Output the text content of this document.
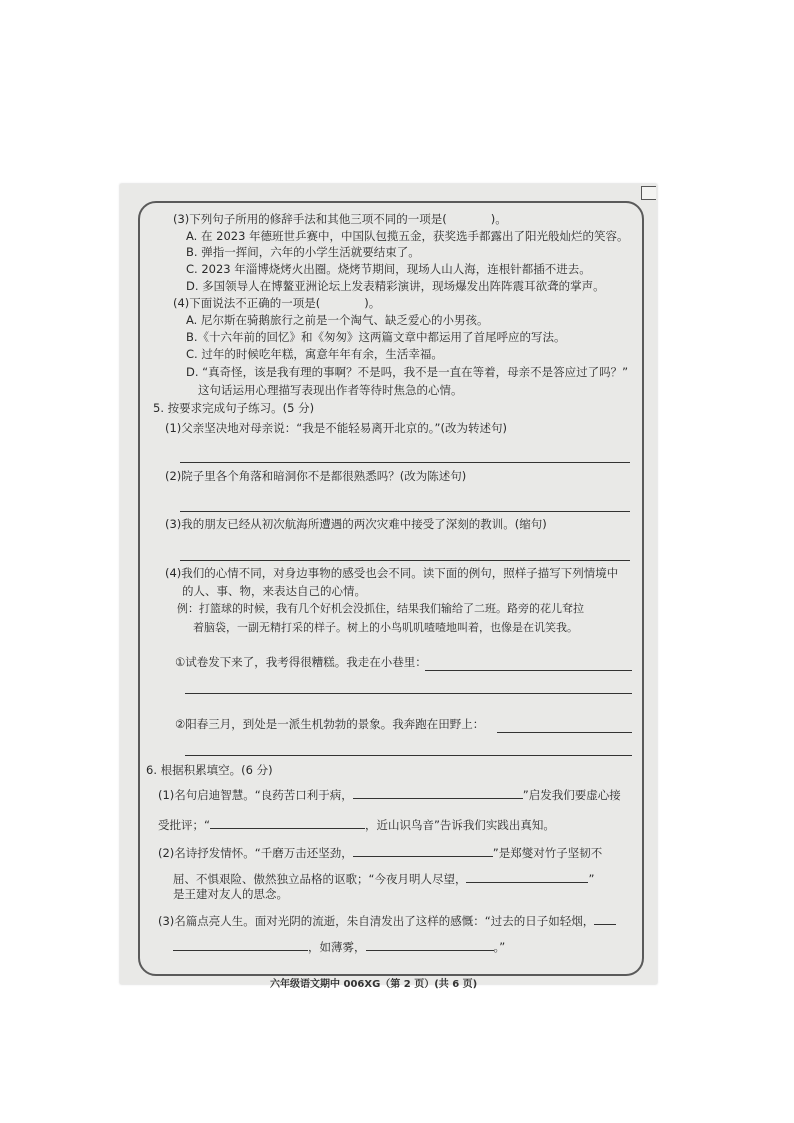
(3)下列句子所用的修辞手法和其他三项不同的一项是(	)。
A. 在 2023 年德班世乒赛中，中国队包揽五金，获奖选手都露出了阳光般灿烂的笑容。
B. 弹指一挥间，六年的小学生活就要结束了。
C. 2023 年淄博烧烤火出圈。烧烤节期间，现场人山人海，连根针都插不进去。
D. 多国领导人在博鳌亚洲论坛上发表精彩演讲，现场爆发出阵阵震耳欲聋的掌声。
(4)下面说法不正确的一项是(	)。
A. 尼尔斯在骑鹅旅行之前是一个淘气、缺乏爱心的小男孩。
B.《十六年前的回忆》和《匆匆》这两篇文章中都运用了首尾呼应的写法。
C. 过年的时候吃年糕，寓意年年有余，生活幸福。
D. “真奇怪，该是我有理的事啊？不是吗，我不是一直在等着，母亲不是答应过了吗？”
这句话运用心理描写表现出作者等待时焦急的心情。
5. 按要求完成句子练习。(5 分)
(1)父亲坚决地对母亲说：“我是不能轻易离开北京的。”(改为转述句)
(2)院子里各个角落和暗洞你不是都很熟悉吗？(改为陈述句)
(3)我的朋友已经从初次航海所遭遇的两次灾难中接受了深刻的教训。(缩句)
(4)我们的心情不同，对身边事物的感受也会不同。读下面的例句，照样子描写下列情境中
的人、事、物，来表达自己的心情。
例：打篮球的时候，我有几个好机会没抓住，结果我们输给了二班。路旁的花儿耷拉
着脑袋，一副无精打采的样子。树上的小鸟叽叽喳喳地叫着，也像是在讥笑我。
①试卷发下来了，我考得很糟糕。我走在小巷里：
②阳春三月，到处是一派生机勃勃的景象。我奔跑在田野上：
6. 根据积累填空。(6 分)
(1)名句启迪智慧。“良药苦口利于病，	”启发我们要虚心接
受批评；“	，近山识鸟音”告诉我们实践出真知。
(2)名诗抒发情怀。“千磨万击还坚劲，	”是郑燮对竹子坚韧不
屈、不惧艰险、傲然独立品格的讴歌；“今夜月明人尽望，	”
是王建对友人的思念。
(3)名篇点亮人生。面对光阴的流逝，朱自清发出了这样的感慨：“过去的日子如轻烟，
，如薄雾，	。”
六年级语文期中 006XG（第 2 页）(共 6 页)
